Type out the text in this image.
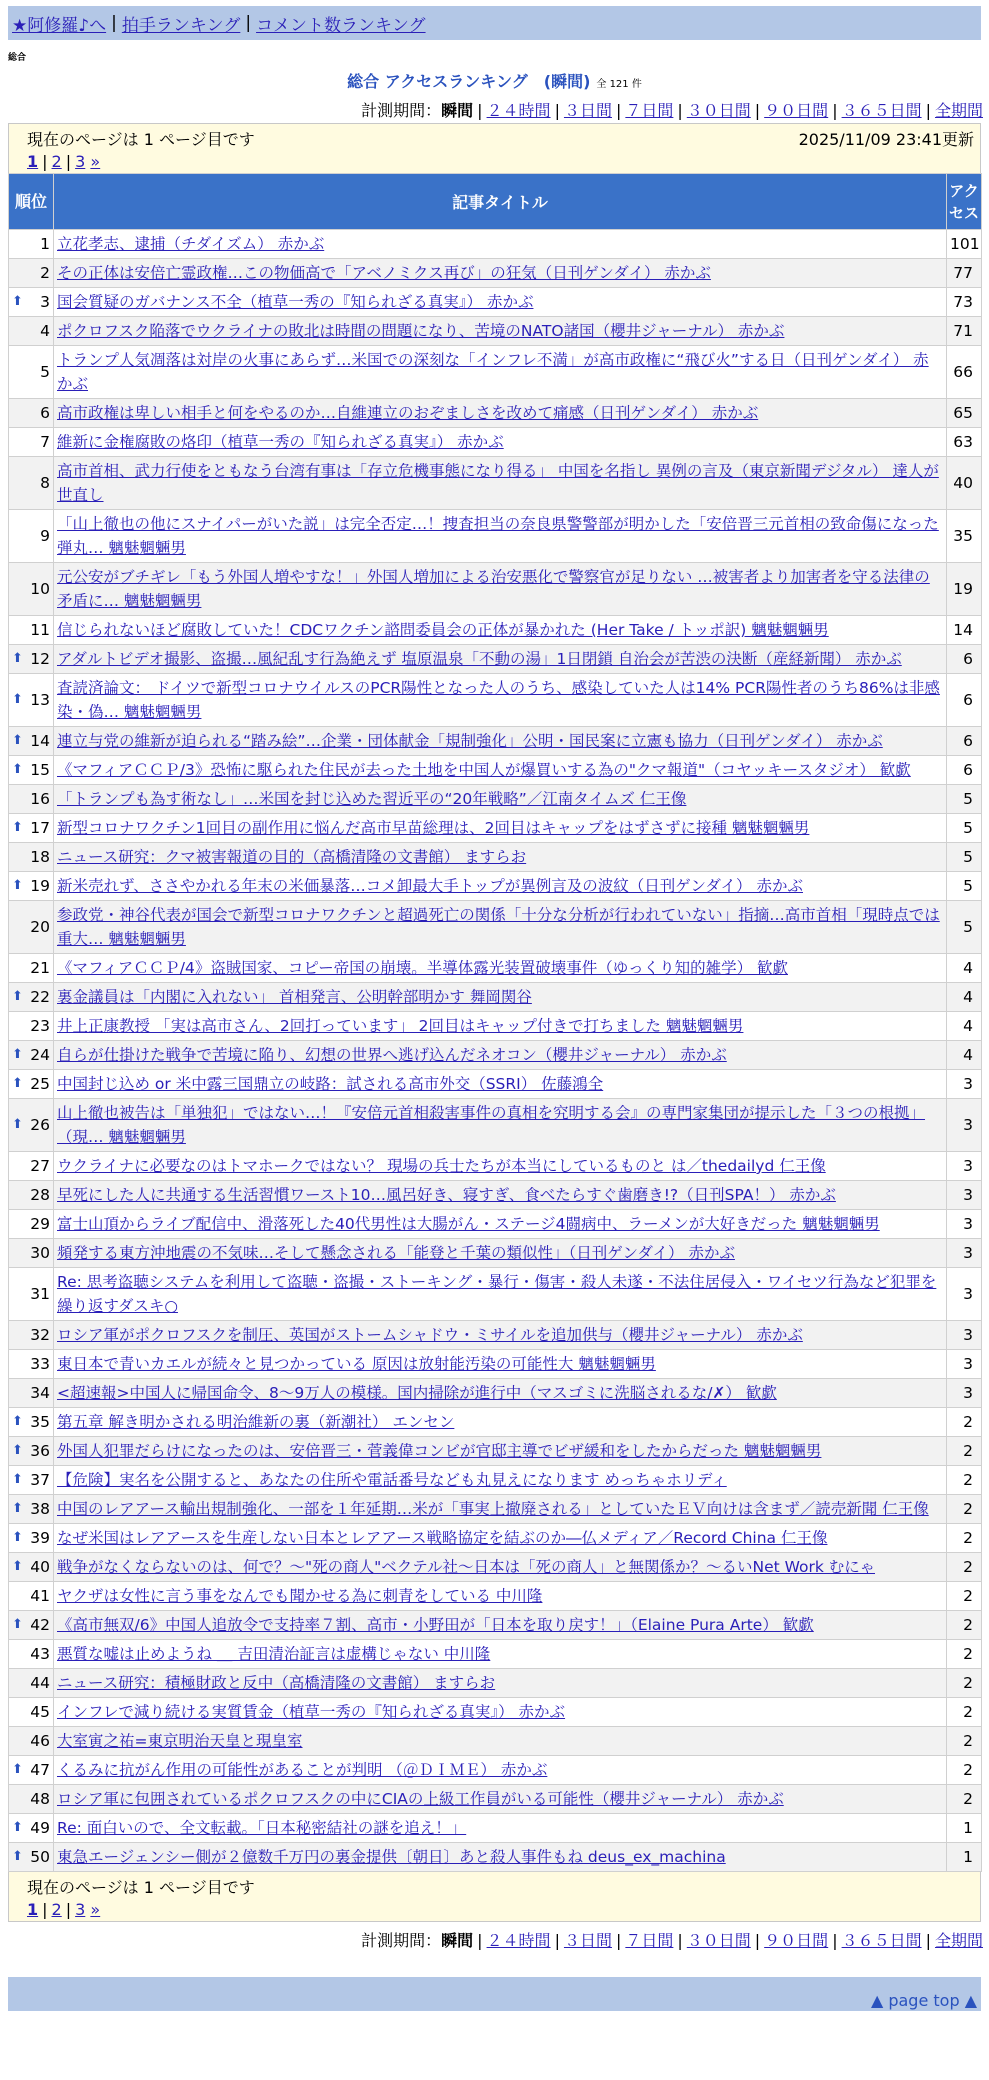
★阿修羅♪へ | 拍手ランキング | コメント数ランキング
総合
総合 アクセスランキング　(瞬間) 全 121 件
計測期間：瞬間 | ２４時間 | ３日間 | ７日間 | ３０日間 | ９０日間 | ３６５日間 | 全期間
現在のページは 1 ページ目です	2025/11/09 23:41更新
1 | 2 | 3 »
順位	記事タイトル	アクセス
1	立花孝志、逮捕（チダイズム） 赤かぶ	101
2	その正体は安倍亡霊政権…この物価高で「アベノミクス再び」の狂気（日刊ゲンダイ） 赤かぶ	77

⬆ 3	国会質疑のガバナンス不全（植草一秀の『知られざる真実』） 赤かぶ	73
4	ポクロフスク陥落でウクライナの敗北は時間の問題になり、苦境のNATO諸国（櫻井ジャーナル） 赤かぶ	71
5	トランプ人気凋落は対岸の火事にあらず…米国での深刻な「インフレ不満」が高市政権に“飛び火”する日（日刊ゲンダイ） 赤かぶ	66
6	高市政権は卑しい相手と何をやるのか…自維連立のおぞましさを改めて痛感（日刊ゲンダイ） 赤かぶ	65
7	維新に金権腐敗の烙印（植草一秀の『知られざる真実』） 赤かぶ	63
8	高市首相、武力行使をともなう台湾有事は「存立危機事態になり得る」 中国を名指し 異例の言及（東京新聞デジタル） 達人が世直し	40
9	「山上徹也の他にスナイパーがいた説」は完全否定…！捜査担当の奈良県警警部が明かした「安倍晋三元首相の致命傷になった弾丸… 魑魅魍魎男	35
10	元公安がブチギレ「もう外国人増やすな！」外国人増加による治安悪化で警察官が足りない …被害者より加害者を守る法律の矛盾に… 魑魅魍魎男	19
11	信じられないほど腐敗していた！CDCワクチン諮問委員会の正体が暴かれた (Her Take / トッポ訳) 魑魅魍魎男	14

⬆ 12	アダルトビデオ撮影、盗撮…風紀乱す行為絶えず 塩原温泉「不動の湯」1日閉鎖 自治会が苦渋の決断（産経新聞） 赤かぶ	6

⬆ 13	査読済論文： ドイツで新型コロナウイルスのPCR陽性となった人のうち、感染していた人は14% PCR陽性者のうち86%は非感染・偽… 魑魅魍魎男	6

⬆ 14	連立与党の維新が迫られる“踏み絵”…企業・団体献金「規制強化」公明・国民案に立憲も協力（日刊ゲンダイ） 赤かぶ	6

⬆ 15	《マフィアＣＣＰ/3》恐怖に駆られた住民が去った土地を中国人が爆買いする為の"クマ報道"（コヤッキースタジオ） 歓歔	6
16	「トランプも為す術なし」…米国を封じ込めた習近平の“20年戦略”／江南タイムズ 仁王像	5

⬆ 17	新型コロナワクチン1回目の副作用に悩んだ高市早苗総理は、2回目はキャップをはずさずに接種 魑魅魍魎男	5
18	ニュース研究：クマ被害報道の目的（高橋清隆の文書館） ますらお	5

⬆ 19	新米売れず、ささやかれる年末の米価暴落…コメ卸最大手トップが異例言及の波紋（日刊ゲンダイ） 赤かぶ	5
20	参政党・神谷代表が国会で新型コロナワクチンと超過死亡の関係「十分な分析が行われていない」指摘…高市首相「現時点では重大… 魑魅魍魎男	5
21	《マフィアＣＣＰ/4》盗賊国家、コピー帝国の崩壊。半導体露光装置破壊事件（ゆっくり知的雑学） 歓歔	4

⬆ 22	裏金議員は「内閣に入れない」 首相発言、公明幹部明かす 舞岡関谷	4
23	井上正康教授 「実は高市さん、2回打っています」 2回目はキャップ付きで打ちました 魑魅魍魎男	4

⬆ 24	自らが仕掛けた戦争で苦境に陥り、幻想の世界へ逃げ込んだネオコン（櫻井ジャーナル） 赤かぶ	4

⬆ 25	中国封じ込め or 米中露三国鼎立の岐路：試される高市外交（SSRI） 佐藤鴻全	3

⬆ 26	山上徹也被告は「単独犯」ではない…！『安倍元首相殺害事件の真相を究明する会』の専門家集団が提示した「３つの根拠」 （現… 魑魅魍魎男	3
27	ウクライナに必要なのはトマホークではない？ 現場の兵士たちが本当にしているものと は／thedailyd 仁王像	3
28	早死にした人に共通する生活習慣ワースト10…風呂好き、寝すぎ、食べたらすぐ歯磨き!?（日刊SPA！） 赤かぶ	3
29	富士山頂からライブ配信中、滑落死した40代男性は大腸がん・ステージ4闘病中、ラーメンが大好きだった 魑魅魍魎男	3
30	頻発する東方沖地震の不気味…そして懸念される「能登と千葉の類似性」（日刊ゲンダイ） 赤かぶ	3
31	Re: 思考盗聴システムを利用して盗聴・盗撮・ストーキング・暴行・傷害・殺人未遂・不法住居侵入・ワイセツ行為など犯罪を繰り返すダスキ○	3
32	ロシア軍がポクロフスクを制圧、英国がストームシャドウ・ミサイルを追加供与（櫻井ジャーナル） 赤かぶ	3
33	東日本で青いカエルが続々と見つかっている 原因は放射能汚染の可能性大 魑魅魍魎男	3
34	<超速報>中国人に帰国命令、8～9万人の模様。国内掃除が進行中（マスゴミに洗脳されるな/✗） 歓歔	3

⬆ 35	第五章 解き明かされる明治維新の裏（新潮社） エンセン	2

⬆ 36	外国人犯罪だらけになったのは、安倍晋三・菅義偉コンビが官邸主導でビザ緩和をしたからだった 魑魅魍魎男	2

⬆ 37	【危険】実名を公開すると、あなたの住所や電話番号なども丸見えになります めっちゃホリディ	2

⬆ 38	中国のレアアース輸出規制強化、一部を１年延期…米が「事実上撤廃される」としていたＥＶ向けは含まず／読売新聞 仁王像	2

⬆ 39	なぜ米国はレアアースを生産しない日本とレアアース戦略協定を結ぶのか―仏メディア／Record China 仁王像	2

⬆ 40	戦争がなくならないのは、何で？～"死の商人"ベクテル社～日本は「死の商人」と無関係か？～るいNet Work むにゃ	2
41	ヤクザは女性に言う事をなんでも聞かせる為に刺青をしている 中川隆	2

⬆ 42	《高市無双/6》中国人追放令で支持率７割、高市・小野田が「日本を取り戻す！」（Elaine Pura Arte） 歓歔	2
43	悪質な嘘は止めようね ＿ 吉田清治証言は虚構じゃない 中川隆	2
44	ニュース研究：積極財政と反中（高橋清隆の文書館） ますらお	2
45	インフレで減り続ける実質賃金（植草一秀の『知られざる真実』） 赤かぶ	2
46	大室寅之祐=東京明治天皇と現皇室	2

⬆ 47	くるみに抗がん作用の可能性があることが判明 （＠ＤＩＭＥ） 赤かぶ	2
48	ロシア軍に包囲されているポクロフスクの中にCIAの上級工作員がいる可能性（櫻井ジャーナル） 赤かぶ	2

⬆ 49	Re: 面白いので、全文転載。「日本秘密結社の謎を追え！」	1

⬆ 50	東急エージェンシー側が２億数千万円の裏金提供〔朝日〕あと殺人事件もね deus_ex_machina	1
現在のページは 1 ページ目です
1 | 2 | 3 »
計測期間：瞬間 | ２４時間 | ３日間 | ７日間 | ３０日間 | ９０日間 | ３６５日間 | 全期間
▲ page top ▲
